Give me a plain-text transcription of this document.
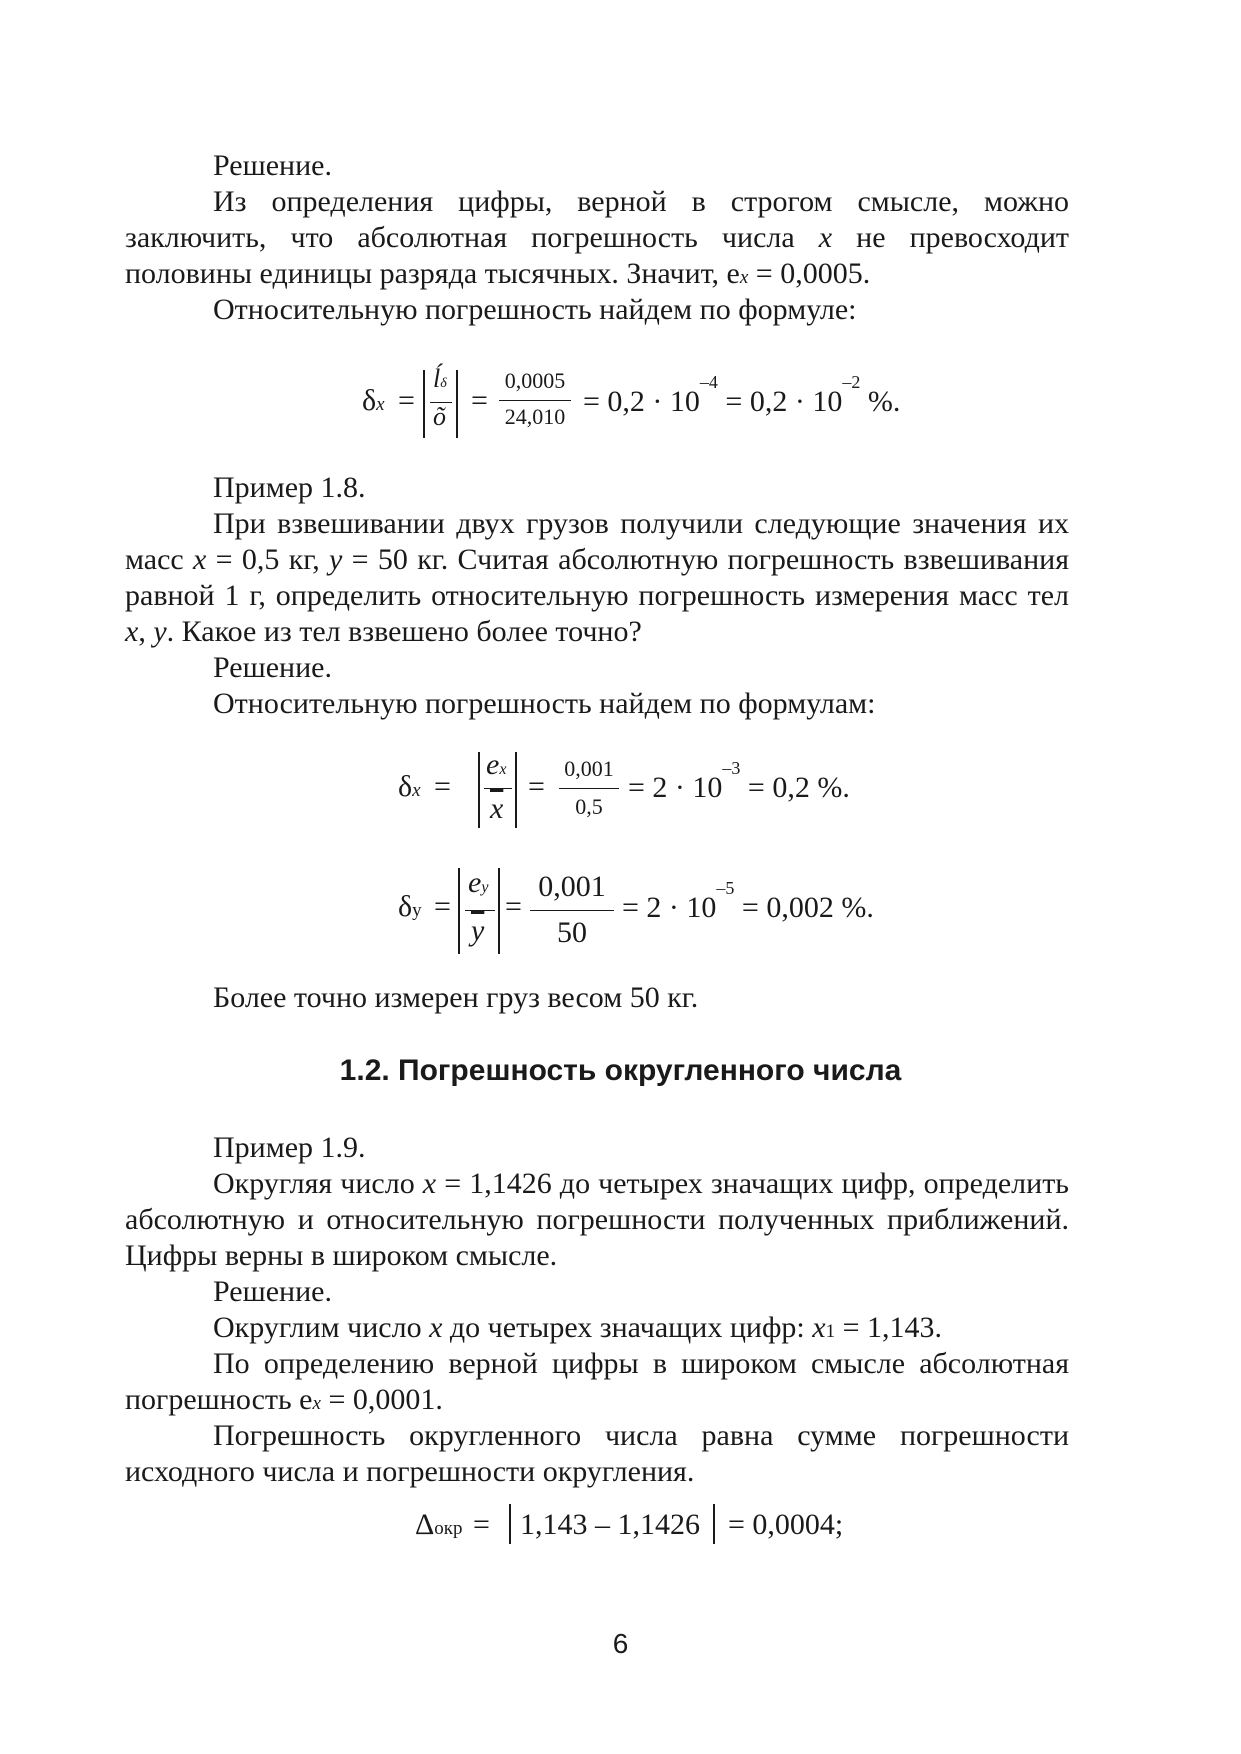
Решение.

Из определения цифры, верной в строгом смысле, можно заключить, что абсолютная погрешность числа x не превосходит половины единицы разряда тысячных. Значит, ex = 0,0005.

Относительную погрешность найдем по формуле:

δx =
ĺδ
õ =
0,0005
$24,010 = 0,2 \cdot 10^{-4} = 0,2 \cdot 10^{-2}$ %.

Пример 1.8.

При взвешивании двух грузов получили следующие значения их масс x = 0,5 кг, y = 50 кг. Считая абсолютную погрешность взвешивания равной 1 г, определить относительную погрешность измерения масс тел x, y. Какое из тел взвешено более точно?

Решение.

Относительную погрешность найдем по формулам:

δx =
ex
$\overline{x}$
=
0,001
0,5
= $2 \cdot 10^{-3} = 0,2$ %.
δy =
ey
$\overline{y}$
=
0,001
50
= $2 \cdot 10^{-5} = 0,002$ %.

Более точно измерен груз весом 50 кг.

1.2. Погрешность округленного числа

Пример 1.9.

Округляя число x = 1,1426 до четырех значащих цифр, определить абсолютную и относительную погрешности полученных приближений. Цифры верны в широком смысле.

Решение.

Округлим число x до четырех значащих цифр: x1 = 1,143.

По определению верной цифры в широком смысле абсолютная погрешность ex = 0,0001.

Погрешность округленного числа равна сумме погрешности исходного числа и погрешности округления.

Δокр = 1,143 – 1,1426 = 0,0004;
6
